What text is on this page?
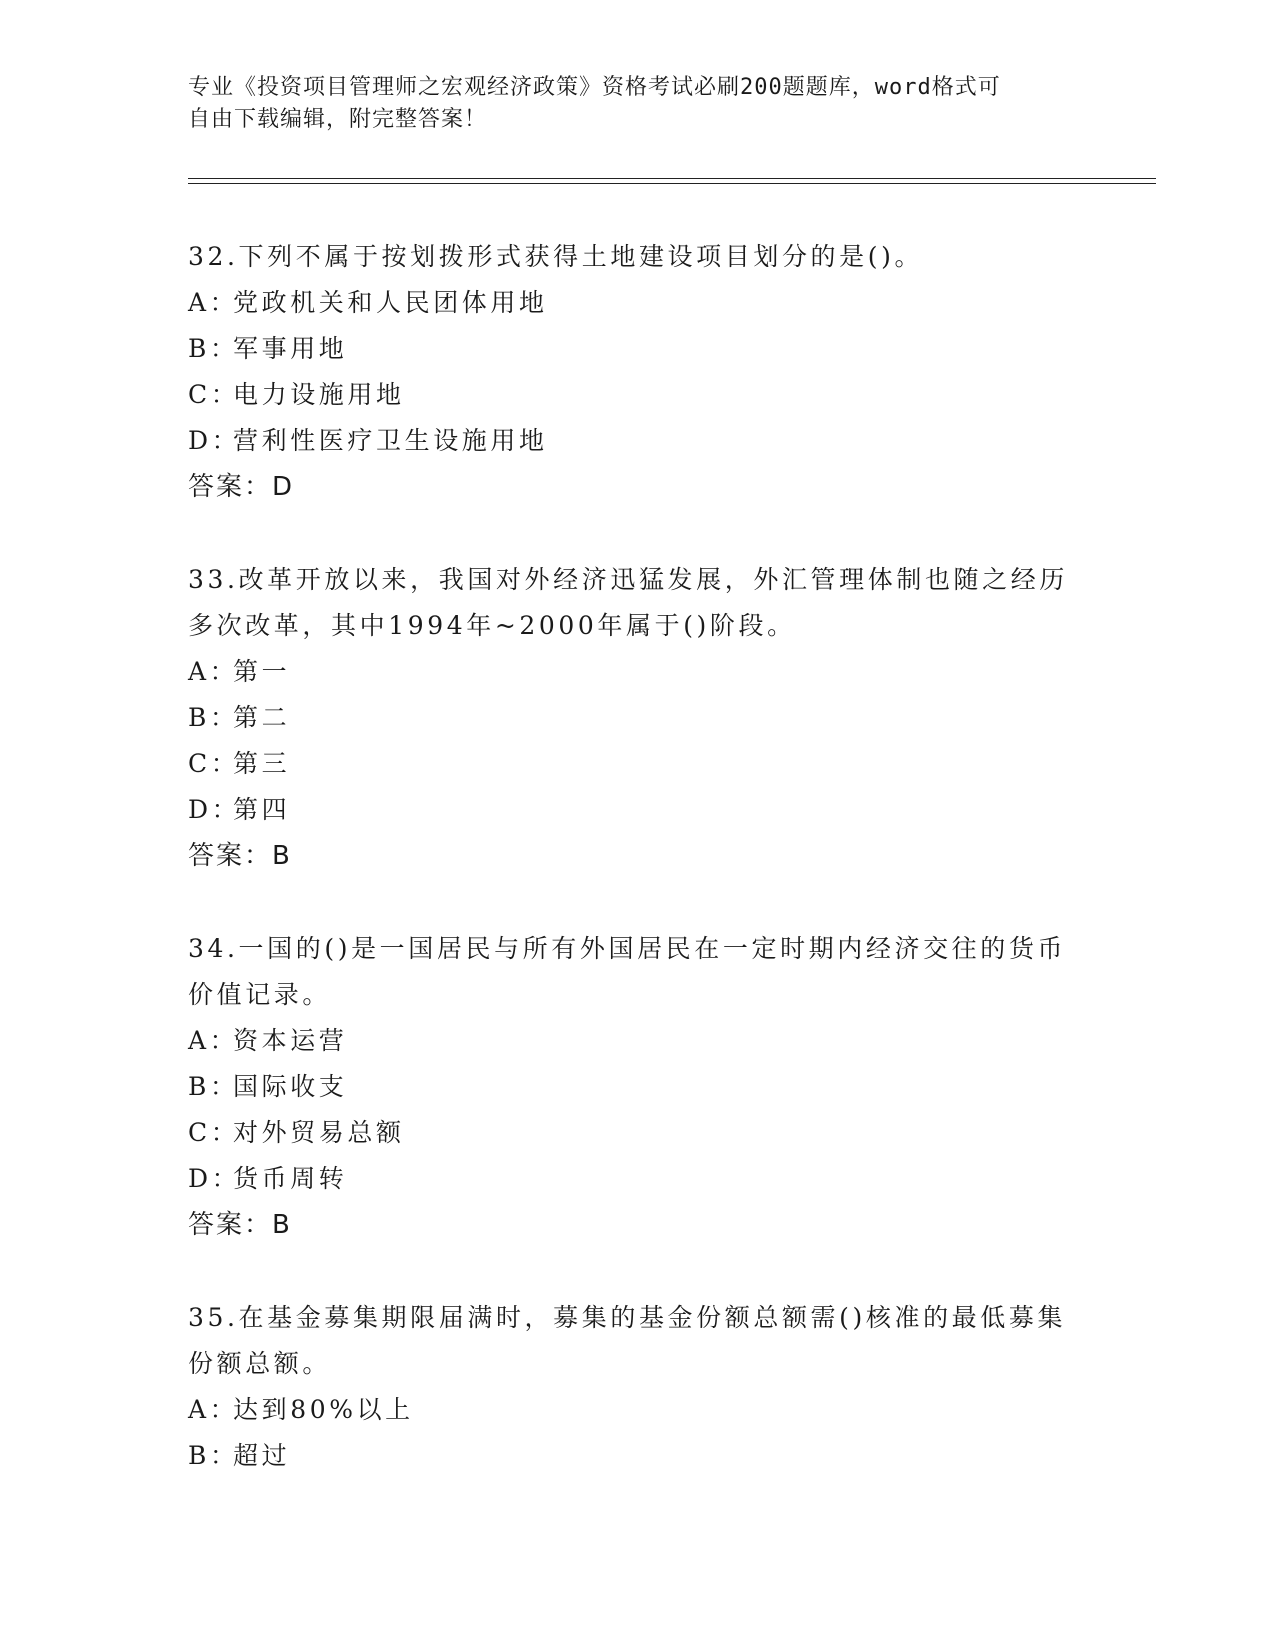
专业《投资项目管理师之宏观经济政策》资格考试必刷200题题库，word格式可
自由下载编辑，附完整答案！
32.下列不属于按划拨形式获得土地建设项目划分的是()。
A：党政机关和人民团体用地
B：军事用地
C：电力设施用地
D：营利性医疗卫生设施用地
答案：D
33.改革开放以来，我国对外经济迅猛发展，外汇管理体制也随之经历
多次改革，其中1994年~2000年属于()阶段。
A：第一
B：第二
C：第三
D：第四
答案：B
34.一国的()是一国居民与所有外国居民在一定时期内经济交往的货币
价值记录。
A：资本运营
B：国际收支
C：对外贸易总额
D：货币周转
答案：B
35.在基金募集期限届满时，募集的基金份额总额需()核准的最低募集
份额总额。
A：达到80%以上
B：超过
